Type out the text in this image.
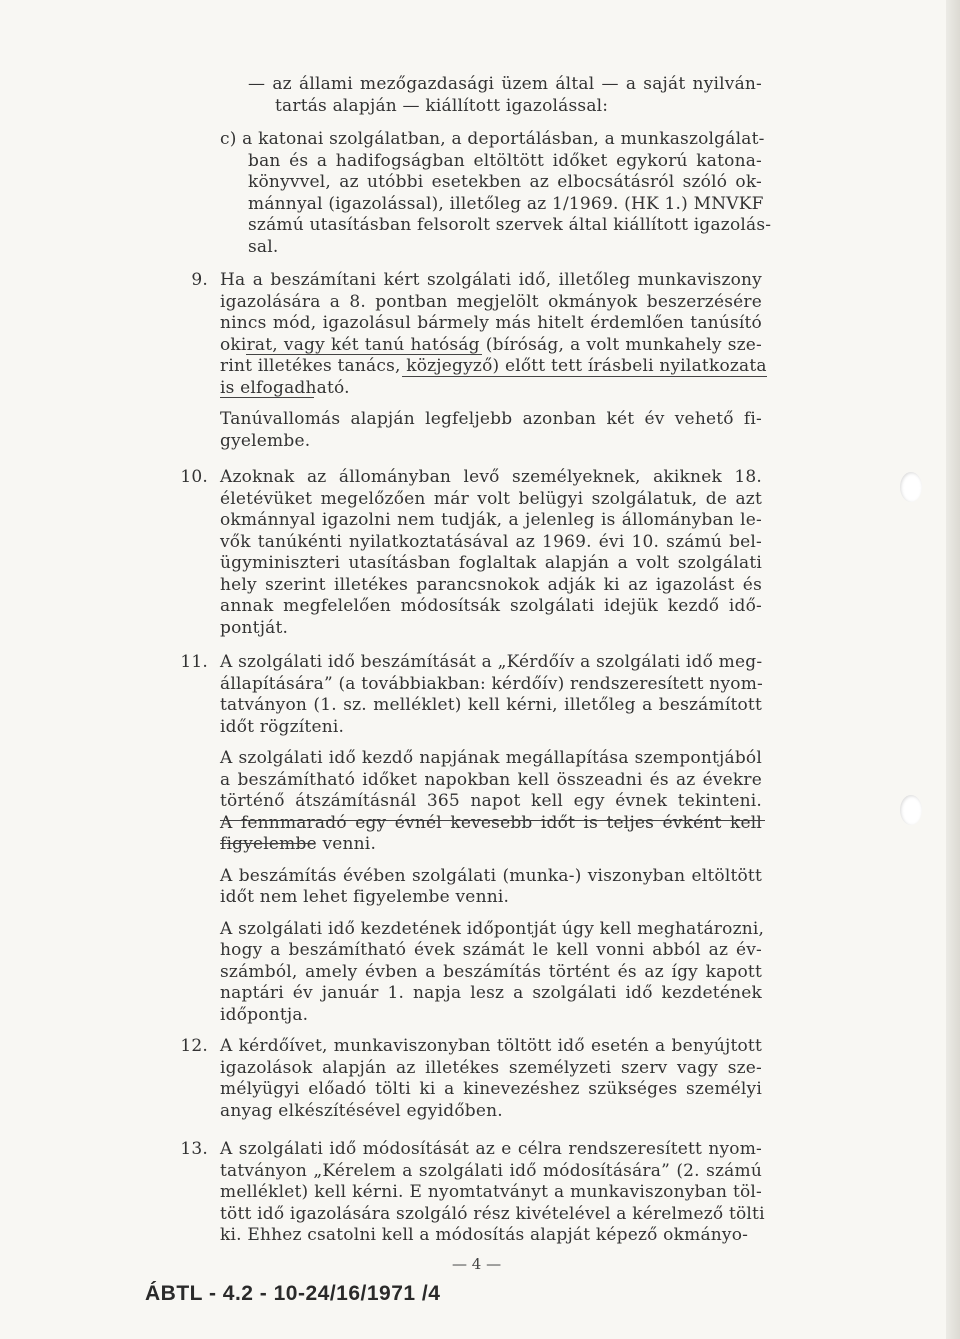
— az állami mezőgazdasági üzem által — a saját nyilván-
tartás alapján — kiállított igazolással:
c) a katonai szolgálatban, a deportálásban, a munkaszolgálat-
ban és a hadifogságban eltöltött időket egykorú katona-
könyvvel, az utóbbi esetekben az elbocsátásról szóló ok-
mánnyal (igazolással), illetőleg az 1/1969. (HK 1.) MNVKF
számú utasításban felsorolt szervek által kiállított igazolás-
sal.
9. Ha a beszámítani kért szolgálati idő, illetőleg munkaviszony
igazolására a 8. pontban megjelölt okmányok beszerzésére
nincs mód, igazolásul bármely más hitelt érdemlően tanúsító
okirat, vagy két tanú hatóság (bíróság, a volt munkahely sze-
rint illetékes tanács, közjegyző) előtt tett írásbeli nyilatkozata
is elfogadható.
Tanúvallomás alapján legfeljebb azonban két év vehető fi-
gyelembe.
10. Azoknak az állományban levő személyeknek, akiknek 18.
életévüket megelőzően már volt belügyi szolgálatuk, de azt
okmánnyal igazolni nem tudják, a jelenleg is állományban le-
vők tanúkénti nyilatkoztatásával az 1969. évi 10. számú bel-
ügyminiszteri utasításban foglaltak alapján a volt szolgálati
hely szerint illetékes parancsnokok adják ki az igazolást és
annak megfelelően módosítsák szolgálati idejük kezdő idő-
pontját.
11. A szolgálati idő beszámítását a „Kérdőív a szolgálati idő meg-
állapítására” (a továbbiakban: kérdőív) rendszeresített nyom-
tatványon (1. sz. melléklet) kell kérni, illetőleg a beszámított
időt rögzíteni.
A szolgálati idő kezdő napjának megállapítása szempontjából
a beszámítható időket napokban kell összeadni és az évekre
történő átszámításnál 365 napot kell egy évnek tekinteni.
A fennmaradó egy évnél kevesebb időt is teljes évként kell
figyelembe venni.
A beszámítás évében szolgálati (munka-) viszonyban eltöltött
időt nem lehet figyelembe venni.
A szolgálati idő kezdetének időpontját úgy kell meghatározni,
hogy a beszámítható évek számát le kell vonni abból az év-
számból, amely évben a beszámítás történt és az így kapott
naptári év január 1. napja lesz a szolgálati idő kezdetének
időpontja.
12. A kérdőívet, munkaviszonyban töltött idő esetén a benyújtott
igazolások alapján az illetékes személyzeti szerv vagy sze-
mélyügyi előadó tölti ki a kinevezéshez szükséges személyi
anyag elkészítésével egyidőben.
13. A szolgálati idő módosítását az e célra rendszeresített nyom-
tatványon „Kérelem a szolgálati idő módosítására” (2. számú
melléklet) kell kérni. E nyomtatványt a munkaviszonyban töl-
tött idő igazolására szolgáló rész kivételével a kérelmező tölti
ki. Ehhez csatolni kell a módosítás alapját képező okmányo-
— 4 —
ÁBTL - 4.2 - 10-24/16/1971 /4
